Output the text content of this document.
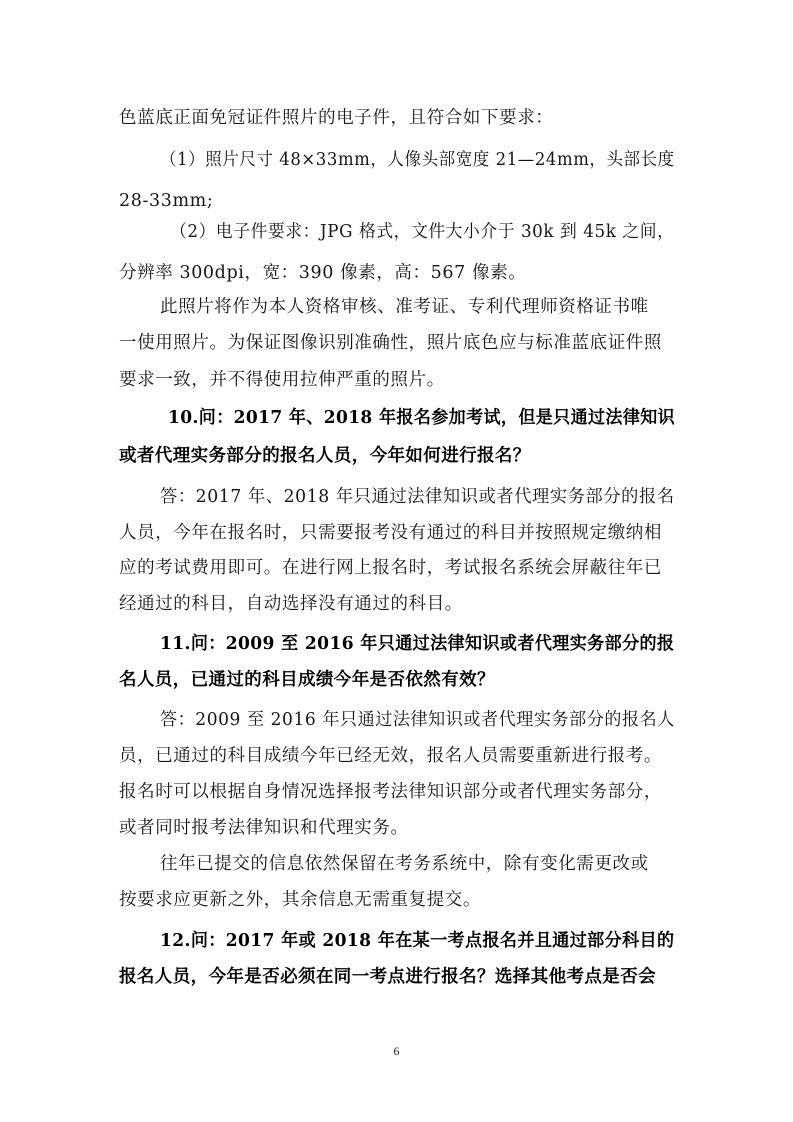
色蓝底正面免冠证件照片的电子件，且符合如下要求：
（1）照片尺寸 48×33mm，人像头部宽度 21—24mm，头部长度
28-33mm;
（2）电子件要求：JPG 格式，文件大小介于 30k 到 45k 之间，
分辨率 300dpi，宽：390 像素，高：567 像素。
此照片将作为本人资格审核、准考证、专利代理师资格证书唯
一使用照片。为保证图像识别准确性，照片底色应与标准蓝底证件照
要求一致，并不得使用拉伸严重的照片。
10.问：2017 年、2018 年报名参加考试，但是只通过法律知识
或者代理实务部分的报名人员，今年如何进行报名？
答：2017 年、2018 年只通过法律知识或者代理实务部分的报名
人员，今年在报名时，只需要报考没有通过的科目并按照规定缴纳相
应的考试费用即可。在进行网上报名时，考试报名系统会屏蔽往年已
经通过的科目，自动选择没有通过的科目。
11.问：2009 至 2016 年只通过法律知识或者代理实务部分的报
名人员，已通过的科目成绩今年是否依然有效？
答：2009 至 2016 年只通过法律知识或者代理实务部分的报名人
员，已通过的科目成绩今年已经无效，报名人员需要重新进行报考。
报名时可以根据自身情况选择报考法律知识部分或者代理实务部分，
或者同时报考法律知识和代理实务。
往年已提交的信息依然保留在考务系统中，除有变化需更改或
按要求应更新之外，其余信息无需重复提交。
12.问：2017 年或 2018 年在某一考点报名并且通过部分科目的
报名人员，今年是否必须在同一考点进行报名？选择其他考点是否会
6
